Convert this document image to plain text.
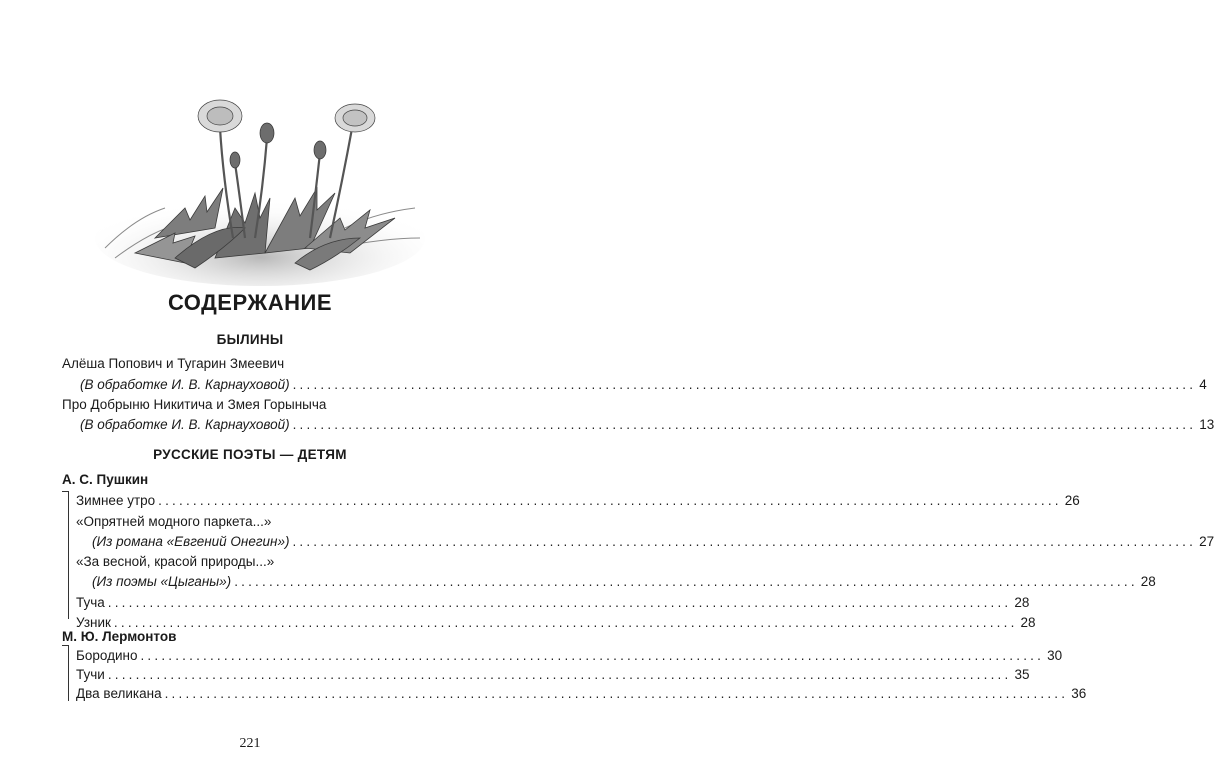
СОДЕРЖАНИЕ
БЫЛИНЫ
Алёша Попович и Тугарин Змеевич
(В обработке И. В. Карнауховой) .................................................................................................................................. 4
Про Добрыню Никитича и Змея Горыныча
(В обработке И. В. Карнауховой) .................................................................................................................................. 13
РУССКИЕ ПОЭТЫ — ДЕТЯМ
А. С. Пушкин
Зимнее утро .................................................................................................................................. 26
«Опрятней модного паркета...»
(Из романа «Евгений Онегин») .................................................................................................................................. 27
«За весной, красой природы...»
(Из поэмы «Цыганы») .................................................................................................................................. 28
Туча .................................................................................................................................. 28
Узник .................................................................................................................................. 28
М. Ю. Лермонтов
Бородино .................................................................................................................................. 30
Тучи .................................................................................................................................. 35
Два великана .................................................................................................................................. 36
221
